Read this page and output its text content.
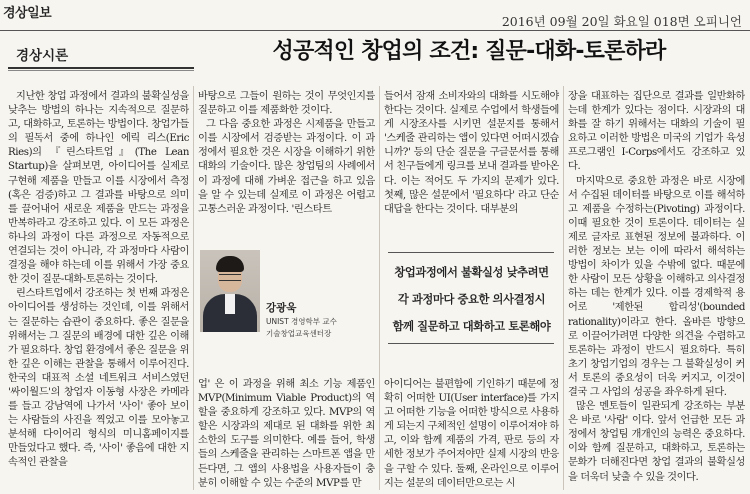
경상일보
2016년 09월 20일 화요일 018면 오피니언
경상시론	성공적인 창업의 조건: 질문-대화-토론하라

지난한 창업 과정에서 결과의 불확실성을 낮추는 방법의 하나는 지속적으로 질문하고, 대화하고, 토론하는 방법이다. 창업가들의 필독서 중에 하나인 에릭 리스(Eric Ries)의 『린스타트업』(The Lean Startup)을 살펴보면, 아이디어를 실제로 구현해 제품을 만들고 이를 시장에서 측정(혹은 검증)하고 그 결과를 바탕으로 의미를 끌어내어 새로운 제품을 만드는 과정을 반복하라고 강조하고 있다. 이 모든 과정은 하나의 과정이 다른 과정으로 자동적으로 연결되는 것이 아니라, 각 과정마다 사람이 결정을 해야 하는데 이를 위해서 가장 중요한 것이 질문-대화-토론하는 것이다.

린스타트업에서 강조하는 첫 번째 과정은 아이디어를 생성하는 것인데, 이를 위해서는 질문하는 습관이 중요하다. 좋은 질문을 위해서는 그 질문의 배경에 대한 깊은 이해가 필요하다. 창업 환경에서 좋은 질문을 위한 깊은 이해는 관찰을 통해서 이루어진다. 한국의 대표적 소셜 네트워크 서비스였던 '싸이월드'의 창업자 이동형 사장은 카메라를 들고 강남역에 나가서 '사이' 좋아 보이는 사람들의 사진을 찍었고 이를 모아놓고 분석해 다이어리 형식의 미니홈페이지를 만들었다고 했다. 즉, '사이' 좋음에 대한 지속적인 관찰을

바탕으로 그들이 원하는 것이 무엇인지를 질문하고 이를 제품화한 것이다.

그 다음 중요한 과정은 시제품을 만들고 이를 시장에서 검증받는 과정이다. 이 과정에서 필요한 것은 시장을 이해하기 위한 대화의 기술이다. 많은 창업팀의 사례에서 이 과정에 대해 가벼운 접근을 하고 있음을 알 수 있는데 실제로 이 과정은 어렵고 고통스러운 과정이다. '린스타트

들어서 잠재 소비자와의 대화를 시도해야 한다는 것이다. 실제로 수업에서 학생들에게 시장조사를 시키면 설문지를 통해서 '스케줄 관리하는 앱이 있다면 어떠시겠습니까?' 등의 단순 질문을 구글문서를 통해서 친구들에게 링크를 보내 결과를 받아온다. 이는 적어도 두 가지의 문제가 있다. 첫째, 많은 설문에서 '필요하다' 라고 단순 대답을 한다는 것이다. 대부분의

장을 대표하는 집단으로 결과를 일반화하는데 한계가 있다는 점이다. 시장과의 대화를 잘 하기 위해서는 대화의 기술이 필요하고 이러한 방법은 미국의 기업가 육성 프로그램인 I-Corps에서도 강조하고 있다.

마지막으로 중요한 과정은 바로 시장에서 수집된 데이터를 바탕으로 이를 해석하고 제품을 수정하는(Pivoting) 과정이다. 이때 필요한 것이 토론이다. 데이터는 실제로 글자로 표현된 정보에 불과하다. 이러한 정보는 보는 이에 따라서 해석하는 방법이 차이가 있을 수밖에 없다. 때문에 한 사람이 모든 상황을 이해하고 의사결정하는 데는 한계가 있다. 이를 경제학적 용어로 '제한된 합리성'(bounded rationality)이라고 한다. 올바른 방향으로 이끌어가려면 다양한 의견을 수렴하고 토론하는 과정이 반드시 필요하다. 특히 초기 창업기업의 경우는 그 불확실성이 커서 토론의 중요성이 더욱 커지고, 이것이 결국 그 사업의 성공을 좌우하게 된다.

많은 멘토들이 일관되게 강조하는 부분은 바로 '사람' 이다. 앞서 언급한 모든 과정에서 창업팀 개개인의 능력은 중요하다. 이와 함께 질문하고, 대화하고, 토론하는 문화가 더해진다면 창업 결과의 불확실성을 더욱더 낮출 수 있을 것이다.

강광욱
UNIST 경영학부 교수
기술창업교육센터장
창업과정에서 불확실성 낮추려면
각 과정마다 중요한 의사결정시
함께 질문하고 대화하고 토론해야

업' 은 이 과정을 위해 최소 기능 제품인 MVP(Minimum Viable Product)의 역할을 중요하게 강조하고 있다. MVP의 역할은 시장과의 제대로 된 대화를 위한 최소한의 도구를 의미한다. 예를 들어, 학생들의 스케줄을 관리하는 스마트폰 앱을 만든다면, 그 앱의 사용법을 사용자들이 충분히 이해할 수 있는 수준의 MVP를 만

아이디어는 불편함에 기인하기 때문에 정확히 어떠한 UI(User interface)를 가지고 어떠한 기능을 어떠한 방식으로 사용하게 되는지 구체적인 설명이 이루어져야 하고, 이와 함께 제품의 가격, 판로 등의 자세한 정보가 주어져야만 실제 시장의 반응을 구할 수 있다. 둘째, 온라인으로 이루어지는 설문의 데이터만으로는 시
